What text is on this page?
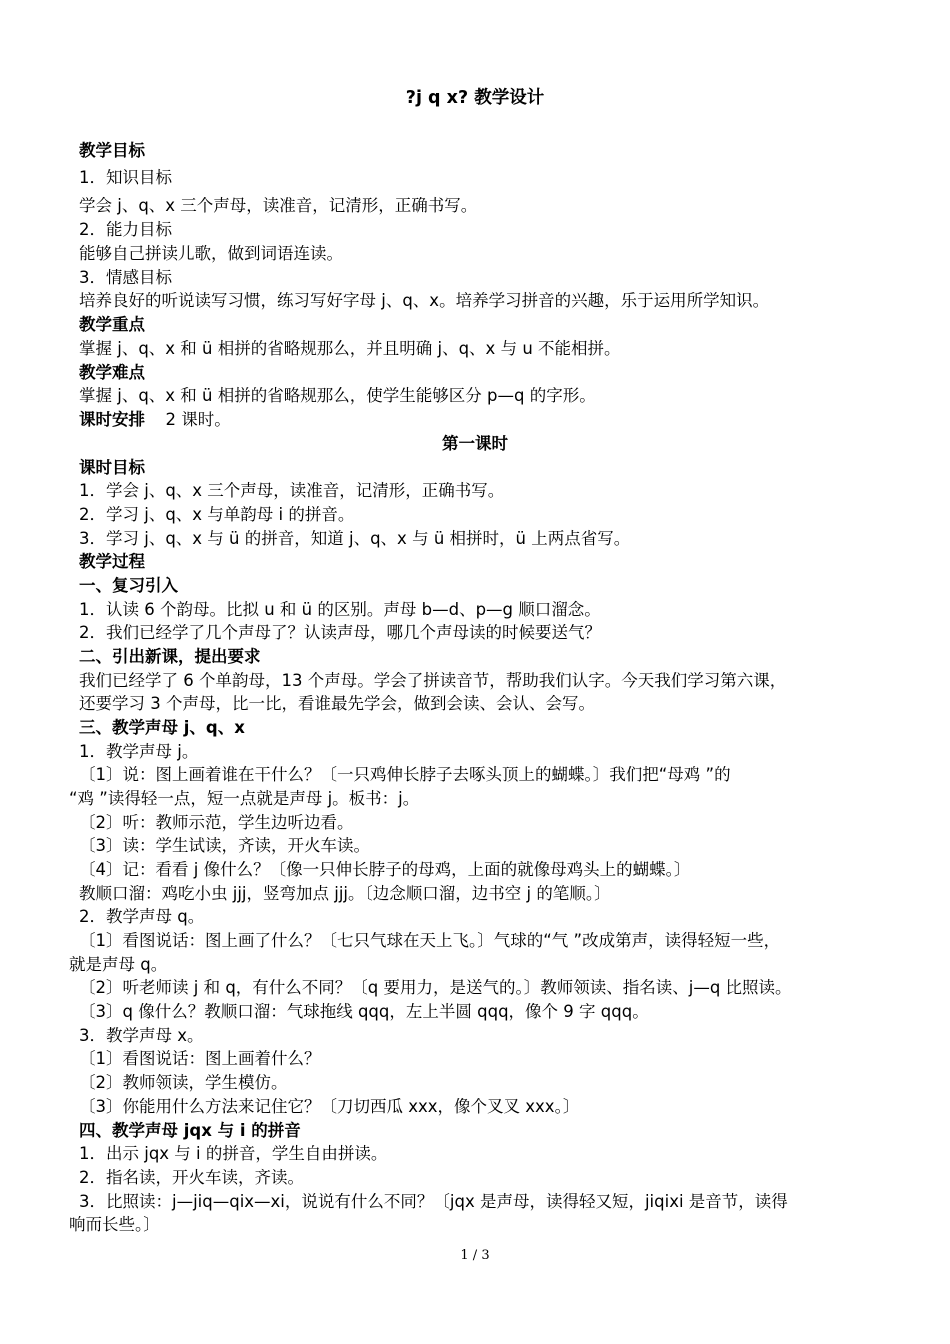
?j q x? 教学设计
教学目标
1．知识目标
学会 j、q、x 三个声母，读准音，记清形，正确书写。
2．能力目标
能够自己拼读儿歌，做到词语连读。
3．情感目标
培养良好的听说读写习惯，练习写好字母 j、q、x。培养学习拼音的兴趣，乐于运用所学知识。
教学重点
掌握 j、q、x 和 ü 相拼的省略规那么，并且明确 j、q、x 与 u 不能相拼。
教学难点
掌握 j、q、x 和 ü 相拼的省略规那么，使学生能够区分 p—q 的字形。
课时安排 2 课时。
第一课时
课时目标
1．学会 j、q、x 三个声母，读准音，记清形，正确书写。
2．学习 j、q、x 与单韵母 i 的拼音。
3．学习 j、q、x 与 ü 的拼音，知道 j、q、x 与 ü 相拼时，ü 上两点省写。
教学过程
一、复习引入
1．认读 6 个韵母。比拟 u 和 ü 的区别。声母 b—d、p—g 顺口溜念。
2．我们已经学了几个声母了？认读声母，哪几个声母读的时候要送气？
二、引出新课，提出要求
我们已经学了 6 个单韵母，13 个声母。学会了拼读音节，帮助我们认字。今天我们学习第六课，
还要学习 3 个声母，比一比，看谁最先学会，做到会读、会认、会写。
三、教学声母 j、q、x
1．教学声母 j。
〔1〕说：图上画着谁在干什么？〔一只鸡伸长脖子去啄头顶上的蝴蝶。〕我们把“母鸡 ”的
“鸡 ”读得轻一点，短一点就是声母 j。板书：j。
〔2〕听：教师示范，学生边听边看。
〔3〕读：学生试读，齐读，开火车读。
〔4〕记：看看 j 像什么？〔像一只伸长脖子的母鸡，上面的就像母鸡头上的蝴蝶。〕
教顺口溜：鸡吃小虫 jjj，竖弯加点 jjj。〔边念顺口溜，边书空 j 的笔顺。〕
2．教学声母 q。
〔1〕看图说话：图上画了什么？〔七只气球在天上飞。〕气球的“气 ”改成第声，读得轻短一些，
就是声母 q。
〔2〕听老师读 j 和 q，有什么不同？〔q 要用力，是送气的。〕教师领读、指名读、j—q 比照读。
〔3〕q 像什么？教顺口溜：气球拖线 qqq，左上半圆 qqq，像个 9 字 qqq。
3．教学声母 x。
〔1〕看图说话：图上画着什么？
〔2〕教师领读，学生模仿。
〔3〕你能用什么方法来记住它？〔刀切西瓜 xxx，像个叉叉 xxx。〕
四、教学声母 jqx 与 i 的拼音
1．出示 jqx 与 i 的拼音，学生自由拼读。
2．指名读，开火车读，齐读。
3．比照读：j—jiq—qix—xi，说说有什么不同？〔jqx 是声母，读得轻又短，jiqixi 是音节，读得
响而长些。〕
1 / 3
